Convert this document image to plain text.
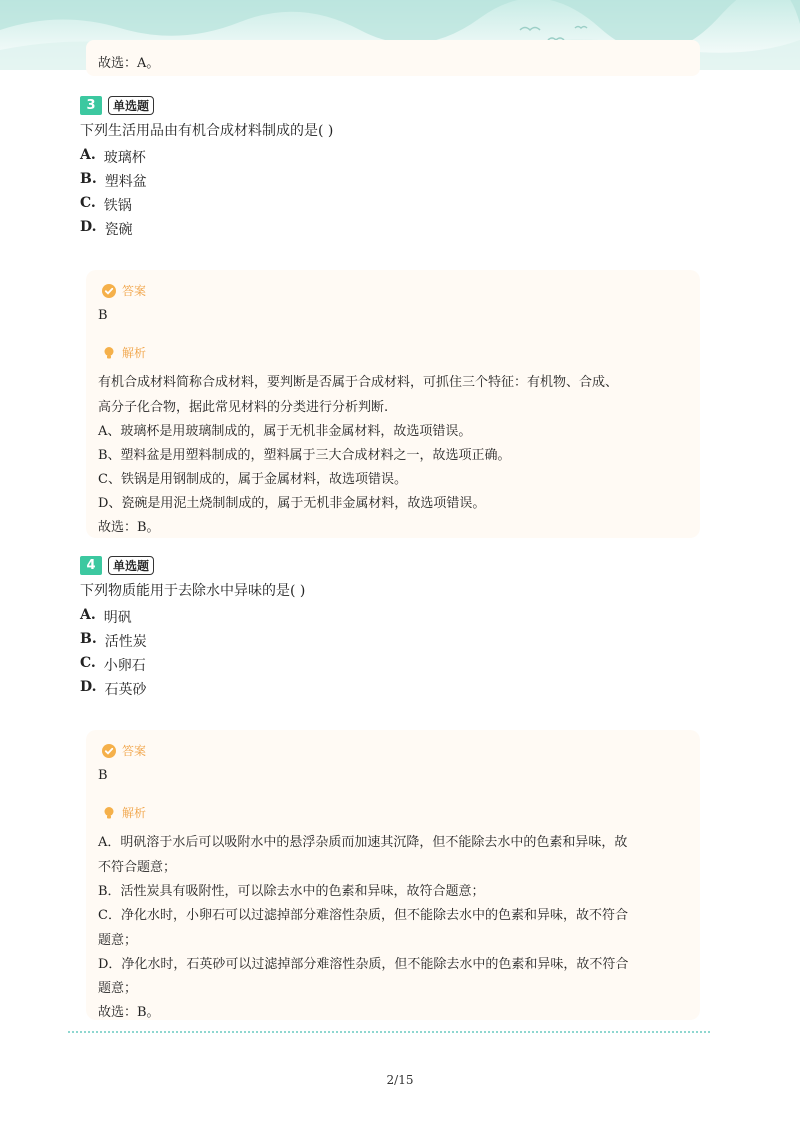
故选：A。
3	单选题
下列生活用品由有机合成材料制成的是( )
A. 玻璃杯
B. 塑料盆
C. 铁锅
D. 瓷碗
答案
B
解析
有机合成材料简称合成材料，要判断是否属于合成材料，可抓住三个特征：有机物、合成、
高分子化合物，据此常见材料的分类进行分析判断.
A、玻璃杯是用玻璃制成的，属于无机非金属材料，故选项错误。
B、塑料盆是用塑料制成的，塑料属于三大合成材料之一，故选项正确。
C、铁锅是用钢制成的，属于金属材料，故选项错误。
D、瓷碗是用泥土烧制制成的，属于无机非金属材料，故选项错误。
故选：B。
4	单选题
下列物质能用于去除水中异味的是( )
A. 明矾
B. 活性炭
C. 小卵石
D. 石英砂
答案
B
解析
A．明矾溶于水后可以吸附水中的悬浮杂质而加速其沉降，但不能除去水中的色素和异味，故
不符合题意；
B．活性炭具有吸附性，可以除去水中的色素和异味，故符合题意；
C．净化水时，小卵石可以过滤掉部分难溶性杂质，但不能除去水中的色素和异味，故不符合
题意；
D．净化水时，石英砂可以过滤掉部分难溶性杂质，但不能除去水中的色素和异味，故不符合
题意；
故选：B。
2/15
